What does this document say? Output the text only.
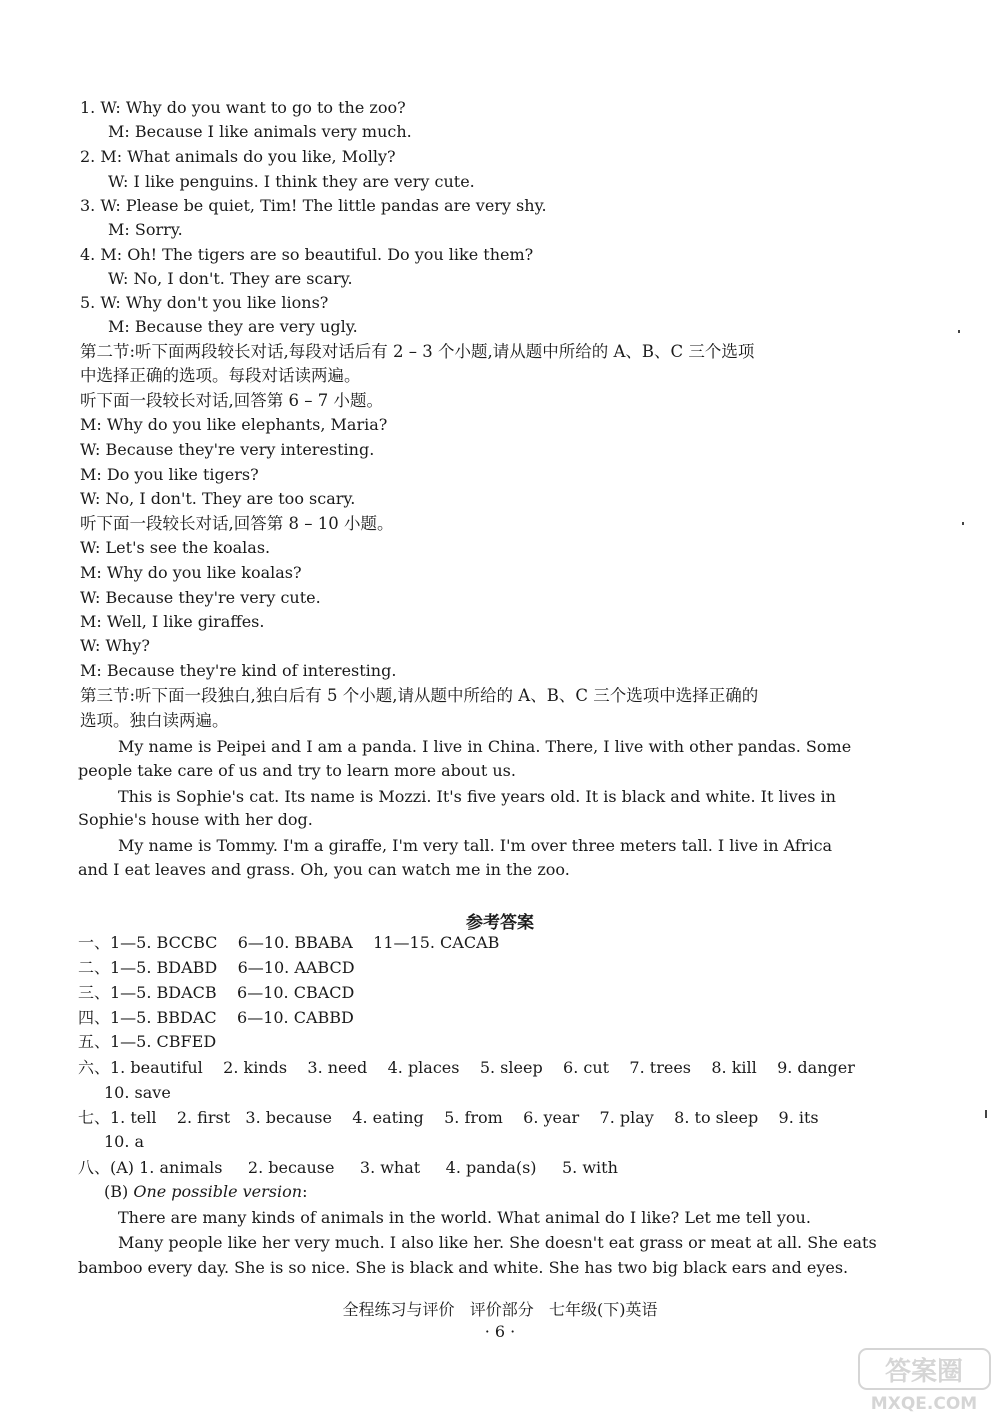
1. W: Why do you want to go to the zoo?
M: Because I like animals very much.
2. M: What animals do you like, Molly?
W: I like penguins. I think they are very cute.
3. W: Please be quiet, Tim! The little pandas are very shy.
M: Sorry.
4. M: Oh! The tigers are so beautiful. Do you like them?
W: No, I don't. They are scary.
5. W: Why don't you like lions?
M: Because they are very ugly.
第二节:听下面两段较长对话,每段对话后有 2 – 3 个小题,请从题中所给的 A、B、C 三个选项
中选择正确的选项。每段对话读两遍。
听下面一段较长对话,回答第 6 – 7 小题。
M: Why do you like elephants, Maria?
W: Because they're very interesting.
M: Do you like tigers?
W: No, I don't. They are too scary.
听下面一段较长对话,回答第 8 – 10 小题。
W: Let's see the koalas.
M: Why do you like koalas?
W: Because they're very cute.
M: Well, I like giraffes.
W: Why?
M: Because they're kind of interesting.
第三节:听下面一段独白,独白后有 5 个小题,请从题中所给的 A、B、C 三个选项中选择正确的
选项。独白读两遍。
My name is Peipei and I am a panda. I live in China. There, I live with other pandas. Some
people take care of us and try to learn more about us.
This is Sophie's cat. Its name is Mozzi. It's five years old. It is black and white. It lives in
Sophie's house with her dog.
My name is Tommy. I'm a giraffe, I'm very tall. I'm over three meters tall. I live in Africa
and I eat leaves and grass. Oh, you can watch me in the zoo.
参考答案
一、1—5. BCCBC    6—10. BBABA    11—15. CACAB
二、1—5. BDABD    6—10. AABCD
三、1—5. BDACB    6—10. CBACD
四、1—5. BBDAC    6—10. CABBD
五、1—5. CBFED
六、1. beautiful    2. kinds    3. need    4. places    5. sleep    6. cut    7. trees    8. kill    9. danger
10. save
七、1. tell    2. first   3. because    4. eating    5. from    6. year    7. play    8. to sleep    9. its
10. a
八、(A) 1. animals     2. because     3. what     4. panda(s)     5. with
(B) One possible version:
There are many kinds of animals in the world. What animal do I like? Let me tell you.
Many people like her very much. I also like her. She doesn't eat grass or meat at all. She eats
bamboo every day. She is so nice. She is black and white. She has two big black ears and eyes.
全程练习与评价   评价部分   七年级(下)英语
· 6 ·
答案圈
MXQE.COM
